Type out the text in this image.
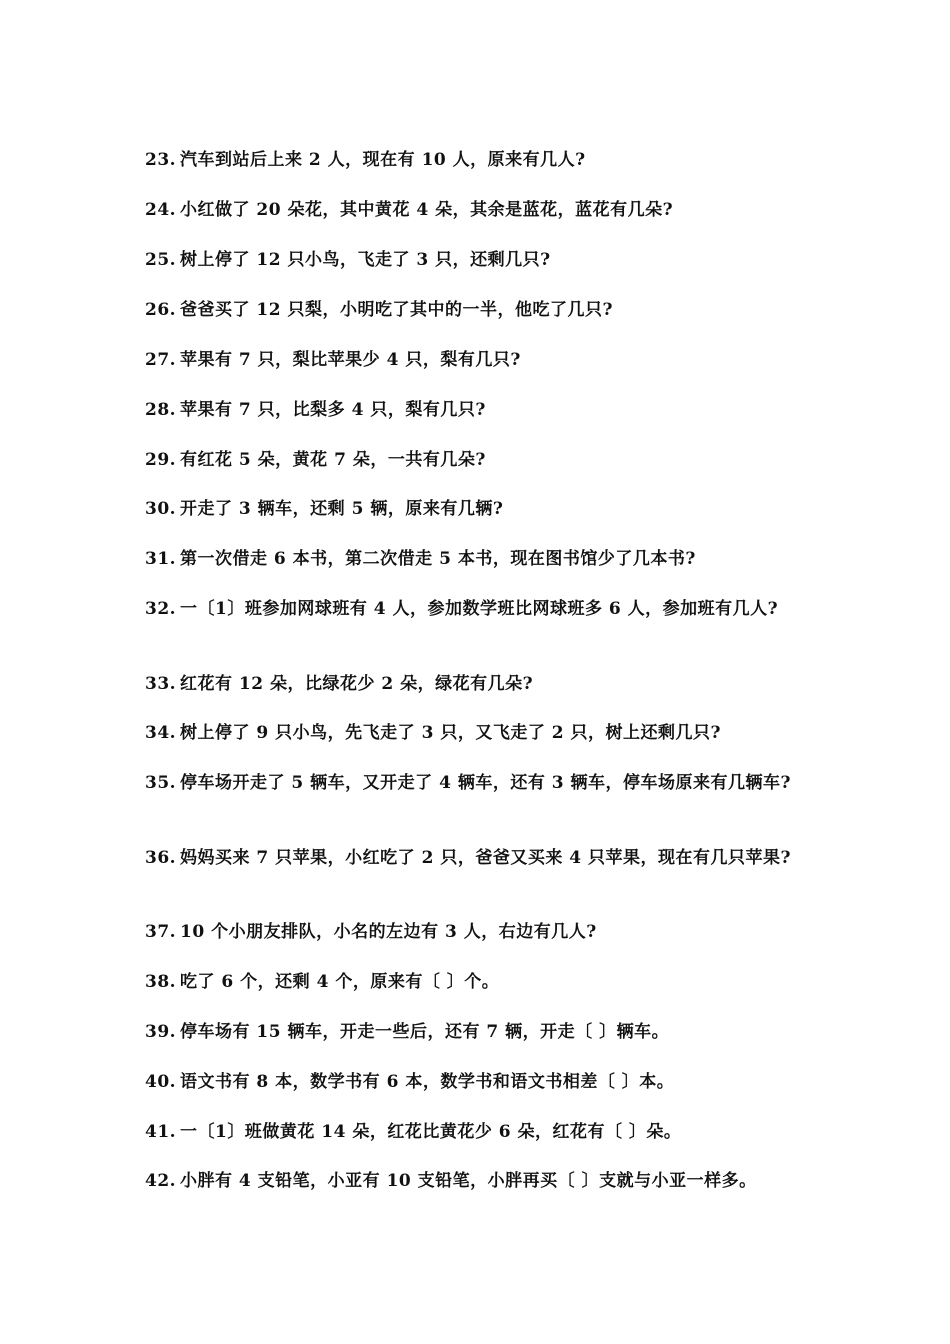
23. 汽车到站后上来 2 人，现在有 10 人，原来有几人?
24. 小红做了 20 朵花，其中黄花 4 朵，其余是蓝花，蓝花有几朵?
25. 树上停了 12 只小鸟，飞走了 3 只，还剩几只?
26. 爸爸买了 12 只梨，小明吃了其中的一半，他吃了几只?
27. 苹果有 7 只，梨比苹果少 4 只，梨有几只?
28. 苹果有 7 只，比梨多 4 只，梨有几只?
29. 有红花 5 朵，黄花 7 朵，一共有几朵?
30. 开走了 3 辆车，还剩 5 辆，原来有几辆?
31. 第一次借走 6 本书，第二次借走 5 本书，现在图书馆少了几本书?
32. 一〔1〕班参加网球班有 4 人，参加数学班比网球班多 6 人，参加班有几人?
33. 红花有 12 朵，比绿花少 2 朵，绿花有几朵?
34. 树上停了 9 只小鸟，先飞走了 3 只，又飞走了 2 只，树上还剩几只?
35. 停车场开走了 5 辆车，又开走了 4 辆车，还有 3 辆车，停车场原来有几辆车?
36. 妈妈买来 7 只苹果，小红吃了 2 只，爸爸又买来 4 只苹果，现在有几只苹果?
37. 10 个小朋友排队，小名的左边有 3 人，右边有几人?
38. 吃了 6 个，还剩 4 个，原来有〔 〕个。
39. 停车场有 15 辆车，开走一些后，还有 7 辆，开走〔 〕辆车。
40. 语文书有 8 本，数学书有 6 本，数学书和语文书相差〔 〕本。
41. 一〔1〕班做黄花 14 朵，红花比黄花少 6 朵，红花有〔 〕朵。
42. 小胖有 4 支铅笔，小亚有 10 支铅笔，小胖再买〔 〕支就与小亚一样多。
